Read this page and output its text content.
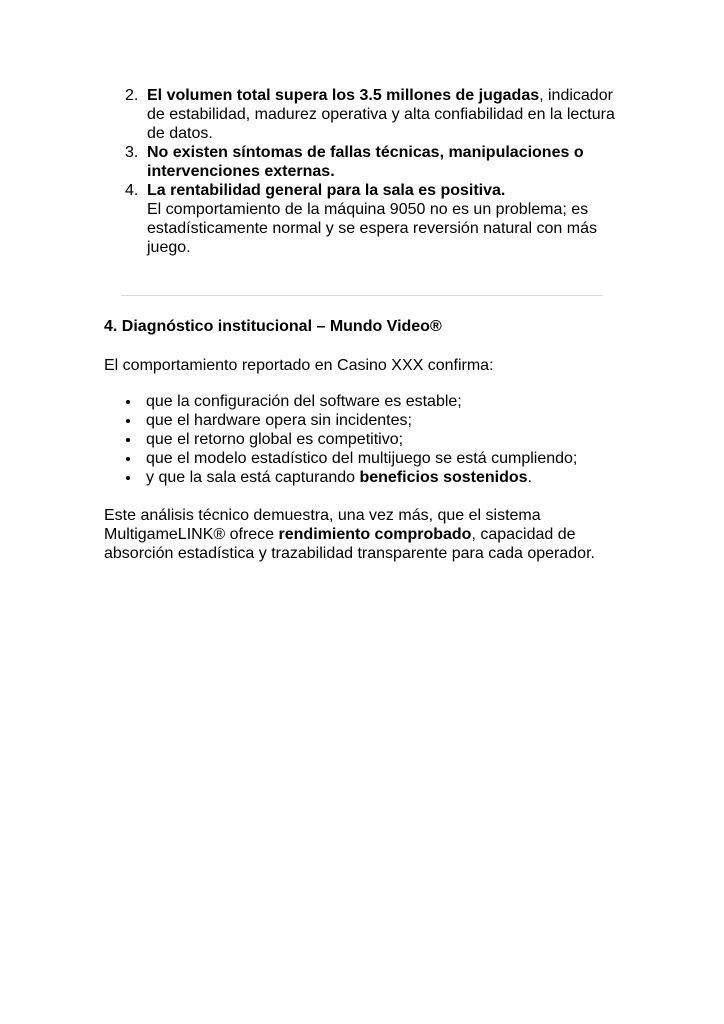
2. El volumen total supera los 3.5 millones de jugadas, indicador de estabilidad, madurez operativa y alta confiabilidad en la lectura de datos.
3. No existen síntomas de fallas técnicas, manipulaciones o intervenciones externas.
4. La rentabilidad general para la sala es positiva.
El comportamiento de la máquina 9050 no es un problema; es estadísticamente normal y se espera reversión natural con más juego.
4. Diagnóstico institucional – Mundo Video®

El comportamiento reportado en Casino XXX confirma:

que la configuración del software es estable;
que el hardware opera sin incidentes;
que el retorno global es competitivo;
que el modelo estadístico del multijuego se está cumpliendo;
y que la sala está capturando beneficios sostenidos.

Este análisis técnico demuestra, una vez más, que el sistema MultigameLINK® ofrece rendimiento comprobado, capacidad de absorción estadística y trazabilidad transparente para cada operador.
